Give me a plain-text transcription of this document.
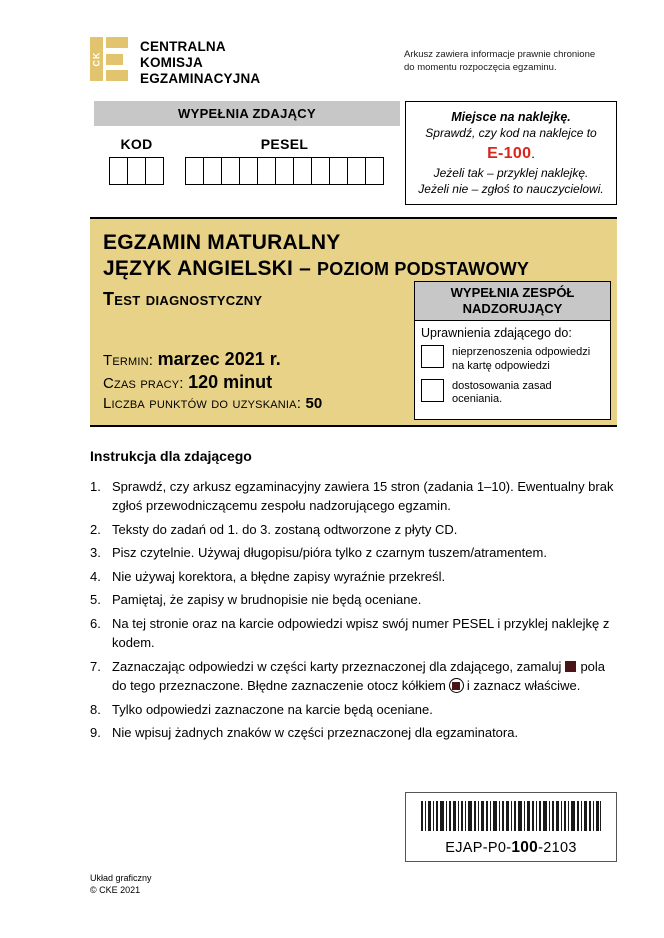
CK
CENTRALNA
KOMISJA
EGZAMINACYJNA
Arkusz zawiera informacje prawnie chronione
do momentu rozpoczęcia egzaminu.
WYPEŁNIA ZDAJĄCY
KOD	PESEL
Miejsce na naklejkę.
Sprawdź, czy kod na naklejce to
E-100.
Jeżeli tak – przyklej naklejkę.
Jeżeli nie – zgłoś to nauczycielowi.
EGZAMIN MATURALNY
JĘZYK ANGIELSKI – POZIOM PODSTAWOWY
Test diagnostyczny
Termin: marzec 2021 r.
Czas pracy: 120 minut
Liczba punktów do uzyskania: 50
WYPEŁNIA ZESPÓŁ
NADZORUJĄCY
Uprawnienia zdającego do:
nieprzenoszenia odpowiedzi na kartę odpowiedzi
dostosowania zasad oceniania.
Instrukcja dla zdającego
1. Sprawdź, czy arkusz egzaminacyjny zawiera 15 stron (zadania 1–10). Ewentualny brak zgłoś przewodniczącemu zespołu nadzorującego egzamin.
2. Teksty do zadań od 1. do 3. zostaną odtworzone z płyty CD.
3. Pisz czytelnie. Używaj długopisu/pióra tylko z czarnym tuszem/atramentem.
4. Nie używaj korektora, a błędne zapisy wyraźnie przekreśl.
5. Pamiętaj, że zapisy w brudnopisie nie będą oceniane.
6. Na tej stronie oraz na karcie odpowiedzi wpisz swój numer PESEL i przyklej naklejkę z kodem.
7. Zaznaczając odpowiedzi w części karty przeznaczonej dla zdającego, zamaluj pola do tego przeznaczone. Błędne zaznaczenie otocz kółkiem i zaznacz właściwe.
8. Tylko odpowiedzi zaznaczone na karcie będą oceniane.
9. Nie wpisuj żadnych znaków w części przeznaczonej dla egzaminatora.
EJAP-P0-100-2103
Układ graficzny
© CKE 2021
